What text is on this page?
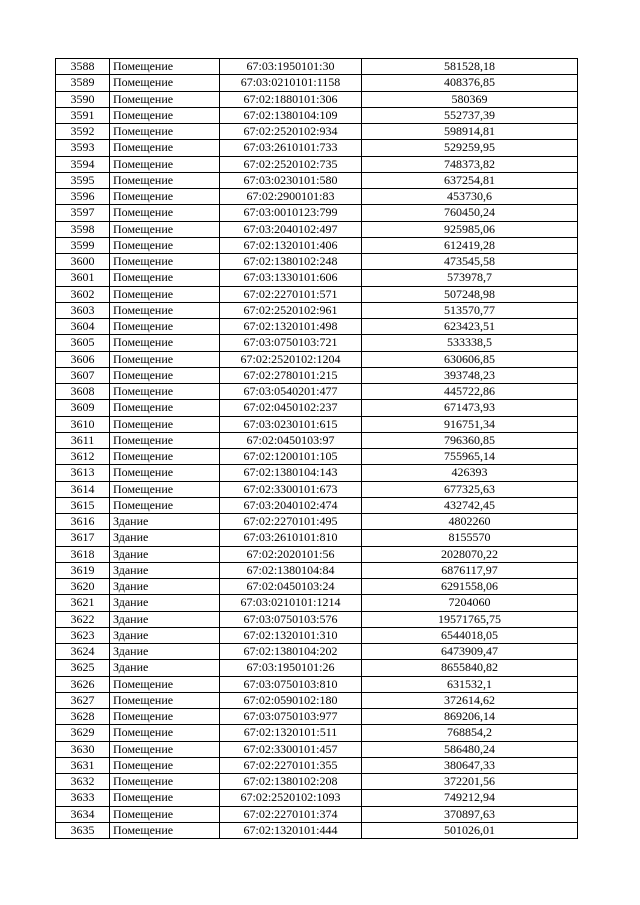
3588	Помещение	67:03:1950101:30	581528,18
3589	Помещение	67:03:0210101:1158	408376,85
3590	Помещение	67:02:1880101:306	580369
3591	Помещение	67:02:1380104:109	552737,39
3592	Помещение	67:02:2520102:934	598914,81
3593	Помещение	67:03:2610101:733	529259,95
3594	Помещение	67:02:2520102:735	748373,82
3595	Помещение	67:03:0230101:580	637254,81
3596	Помещение	67:02:2900101:83	453730,6
3597	Помещение	67:03:0010123:799	760450,24
3598	Помещение	67:03:2040102:497	925985,06
3599	Помещение	67:02:1320101:406	612419,28
3600	Помещение	67:02:1380102:248	473545,58
3601	Помещение	67:03:1330101:606	573978,7
3602	Помещение	67:02:2270101:571	507248,98
3603	Помещение	67:02:2520102:961	513570,77
3604	Помещение	67:02:1320101:498	623423,51
3605	Помещение	67:03:0750103:721	533338,5
3606	Помещение	67:02:2520102:1204	630606,85
3607	Помещение	67:02:2780101:215	393748,23
3608	Помещение	67:03:0540201:477	445722,86
3609	Помещение	67:02:0450102:237	671473,93
3610	Помещение	67:03:0230101:615	916751,34
3611	Помещение	67:02:0450103:97	796360,85
3612	Помещение	67:02:1200101:105	755965,14
3613	Помещение	67:02:1380104:143	426393
3614	Помещение	67:02:3300101:673	677325,63
3615	Помещение	67:03:2040102:474	432742,45
3616	Здание	67:02:2270101:495	4802260
3617	Здание	67:03:2610101:810	8155570
3618	Здание	67:02:2020101:56	2028070,22
3619	Здание	67:02:1380104:84	6876117,97
3620	Здание	67:02:0450103:24	6291558,06
3621	Здание	67:03:0210101:1214	7204060
3622	Здание	67:03:0750103:576	19571765,75
3623	Здание	67:02:1320101:310	6544018,05
3624	Здание	67:02:1380104:202	6473909,47
3625	Здание	67:03:1950101:26	8655840,82
3626	Помещение	67:03:0750103:810	631532,1
3627	Помещение	67:02:0590102:180	372614,62
3628	Помещение	67:03:0750103:977	869206,14
3629	Помещение	67:02:1320101:511	768854,2
3630	Помещение	67:02:3300101:457	586480,24
3631	Помещение	67:02:2270101:355	380647,33
3632	Помещение	67:02:1380102:208	372201,56
3633	Помещение	67:02:2520102:1093	749212,94
3634	Помещение	67:02:2270101:374	370897,63
3635	Помещение	67:02:1320101:444	501026,01
